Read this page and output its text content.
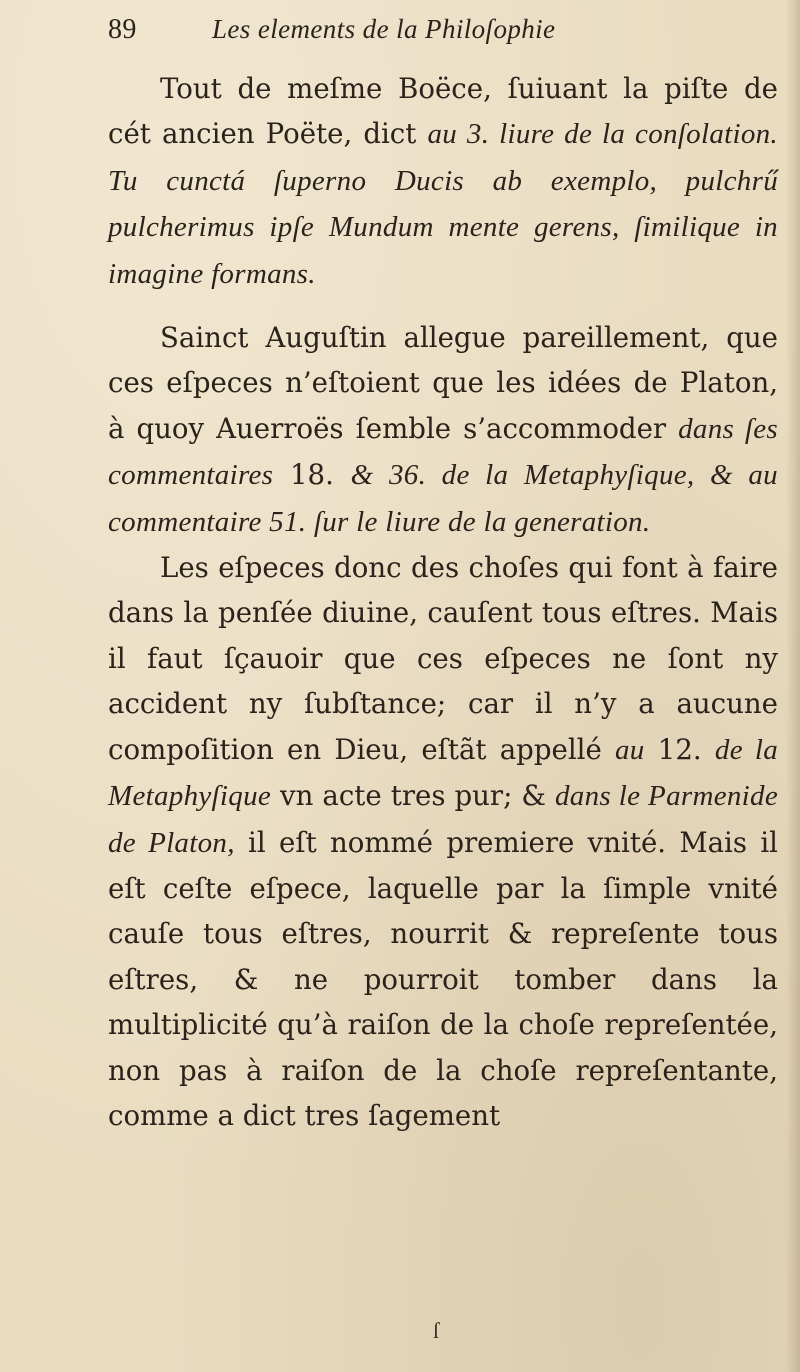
89	Les elements de la Philoſophie

Tout de meſme Boëce, ſuiuant la piſte de cét ancien Poëte, dict au 3. liure de la conſolation. Tu cunctá ſuperno Ducis ab exemplo, pulchrű pulcherimus ipſe Mundum mente gerens, ſimilique in imagine formans.

Sainct Auguſtin allegue pareillement, que ces eſpeces n’eſtoient que les idées de Platon, à quoy Auerroës ſemble s’accommoder dans ſes commentaires 18. & 36. de la Metaphyſique, & au commentaire 51. ſur le liure de la generation.

Les eſpeces donc des choſes qui font à faire dans la penſée diuine, cauſent tous eſtres. Mais il faut ſçauoir que ces eſpeces ne ſont ny accident ny ſubſtance; car il n’y a aucune compoſition en Dieu, eſtãt appellé au 12. de la Metaphyſique vn acte tres pur; & dans le Parmenide de Platon, il eſt nommé premiere vnité. Mais il eſt ceſte eſpece, laquelle par la ſimple vnité cauſe tous eſtres, nourrit & repreſente tous eſtres, & ne pourroit tomber dans la multiplicité qu’à raiſon de la choſe repreſentée, non pas à raiſon de la choſe repreſentante, comme a dict tres ſagement

ſ
